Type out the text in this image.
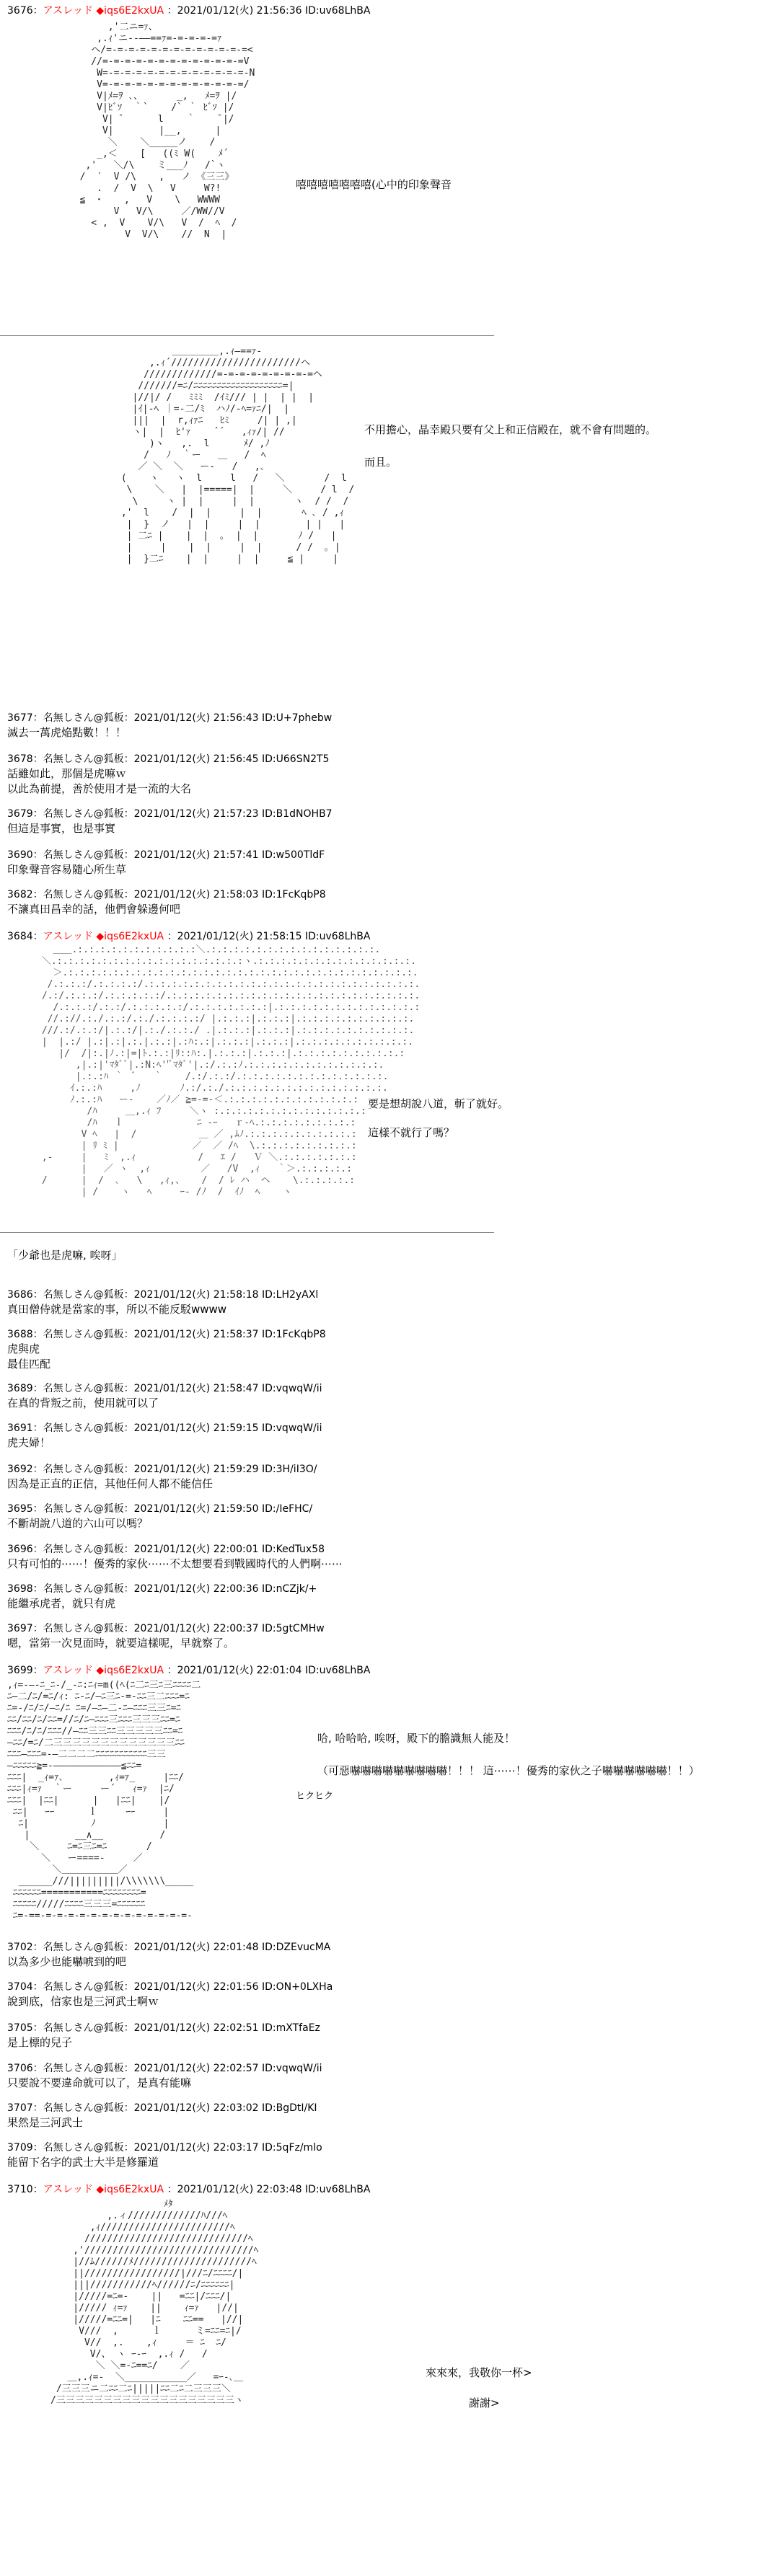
3676：アスレッド ◆iqs6E2kxUA ：2021/01/12(火) 21:56:36 ID:uv68LhBA
,'二ニ=ｧ、
,.ｨ'ニ--――==ｧ=-=-=-=-=ｧ
ヘ/=-=-=-=-=-=-=-=-=-=-=-=‐=<
//=-=-=-=-=-=-=-=-=-=-=-=-=V
W=-=-=-=-=-=-=-=-=-=-=-=-=-N
V=-=-=-=-=-=-=-=-=-=-=-=-=/
V|ﾒ=ｦ ､、      _,   ﾒ=ｦ |/
V|ﾋﾞｿ  ｀`    /` ｀ ﾋﾞｿ |/
V| ﾟ      l    ｀    ﾟ|/
V|        |__,      |
＼    ＼_____ノ    /
_,＜    [   ((ﾐ W(    ﾒ´
,'   ＼/\    ミ___ﾉ   /`ヽ
/  ′  V /\    ,   ノ 《三三》
.  /  V  \   V     W?!
≦  ･    ,   V    \   WWWW
V   V/\     ／/WW//V
< ,  V    V/\   V  /  ﾍ  /
V  V/\    //  N  |
嘻嘻嘻嘻嘻嘻嘻(心中的印象聲音
＿＿＿＿＿,.ｨ―==ｧ-
,.ｨ´///////////////////////ヘ
/////////////=-=-=-=-=-=-=-=-=ヘ
///////=ﾆ/ﾆﾆﾆﾆﾆﾆﾆﾆﾆﾆﾆﾆﾆﾆﾆﾆﾆﾆﾆ=|
|//|/ /   ﾐﾐﾐ  /ｲﾐ/// | |  | |  |
|ｲ|‐ﾍ ｜=‐二/ﾐ  ハﾉ/‐ﾍ=ｧﾆ/|  |
|||  |  r,ｨｧﾆ   ﾋﾐ     /| | ,|
ヽ|  |  ﾋ'ｧ    ´´   ,ｨｧ/| //
)ヽ   ,.  l      ﾒ/ ,ﾉ
/   ﾉ  ｀ー   ＿   /  ﾍ
／ ＼  ＼   ー‐   /   ,､
(    ヽ   ヽ  l     l   /   ＼       /  l
\    ＼   |  |=====|  |     ＼     / l  /
\     ヽ |  |     |  |       ヽ  / /  /
,'  l    /  |  |     |  |       ﾍ ､ / ,ｨ
|  }  ノ   |  |     |  |        | |   |
| 二ﾆ |    |  |  ｡  |  |       ﾉ /   |
|     |    |  |     |  |      / /  ｡ |
|  }二ﾆ    |  |     |  |     ≦ |     |
不用擔心，晶幸殿只要有父上和正信殿在，就不會有問題的。
而且。
3677：名無しさん@狐板：2021/01/12(火) 21:56:43 ID:U+7phebw
滅去一萬虎焔點數！！！
3678：名無しさん@狐板：2021/01/12(火) 21:56:45 ID:U66SN2T5
話雖如此，那個是虎嘛ｗ
以此為前提，善於使用才是一流的大名
3679：名無しさん@狐板：2021/01/12(火) 21:57:23 ID:B1dNOHB7
但這是事實，也是事實
3690：名無しさん@狐板：2021/01/12(火) 21:57:41 ID:w500TldF
印象聲音容易隨心所生草
3682：名無しさん@狐板：2021/01/12(火) 21:58:03 ID:1FcKqbP8
不讓真田昌幸的話，他們會躲邊何吧
3684：アスレッド ◆iqs6E2kxUA ：2021/01/12(火) 21:58:15 ID:uv68LhBA
＿＿.:.:.:.:.:.:.:.:.:.:.:＼.:.:.:.:.:.:.:.:.:.:.:.:.:.:.:.
＼.:.:.:.:.:.:.:.:.:.:.:.:.:.:.:.:.:ヽ.:.:.:.:.:.:.:.:.:.:.:.:.:.:.
＞.:.:.:.:.:.:.:.:.:.:.:.:.:.:.:.:.:.:.:.:.:.:.:.:.:.:.:.:.:.:.:.
/.:.:.:/.:.:.:.:/.:.:.:.:.:.:.:.:.:.:.:.:.:.:.:.:.:.:.:.:.:.:.:.:.
/.:/.:.:.:/.:.:.:.:.:/.:.:.:.:.:.:.:.:.:.:.:.:.:.:.:.:.:.:.:.:.:.:.
/.:.:.:/.:.:/.:.:.:.:.:/.:.:.:.:.:.:.:|.:.:.:.:.:.:.:.:.:.:.:.:.:
//.://.:./.:.:/.:./.:.:.:.:/ |.:.:.:|.:.:.:|.:.:.:.:.:.:.:.:.:.:.
///.:/.:.:/|.:.:/|.:./.:.:./ .|.:.:.:|.:.:.:|.:.:.:.:.:.:.:.:.:.:.
|  |.:/ |.:|.:|.:.|.:.:|.:ﾊ:.:|.:.:.:|.:.:.:|.:.:.:.:.:.:.:.:.:.:.
|/  /|:.|ﾉ.:|=|ﾄ.:.:|ﾘ::ﾊ:.|.:.:.:|.:.:.:|.:.:.:.:.:.:.:.:.:.:
,|.:|'ﾏﾀﾞﾞ|.:N:ﾍ''ﾞﾏﾀﾞ'|.:/.:.:ﾉ.:.:.:.:.:.:.:.:.:.:.:.:.
|.:.:ﾊ ｀  ﾞ   ｀    /.:/.:.:/.:.:.:.:.:.:.:.:.:.:.:.:.:.
ｲ.:.:ﾊ     ,ﾉ       ﾉ.:/.:./.:.:.:.:.:.:.:.:.:.:.:.:.:.:.
ﾉ.:.:ﾊ   ー‐    ／ﾉ／ ≧=-=-＜.:.:.:.:.:.:.:.:.:.:.:.:
/ﾊ     ＿,.ｨ ﾌ     ＼ヽ :.:.:.:.:.:.:.:.:.:.:.:.:.:
/ﾊ   ｌ             ﾆ ‐ｰ   ｒ‐ﾍ.:.:.:.:.:.:.:.:.:
V ﾍ   |  /           ＿ ／ ,ﾑﾉ.:.:.:.:.:.:.:.:.:.:
| ﾘ ﾐ |             ／  ／ /ﾍ  \.:.:.:.:.:.:.:.:.:
,-     |   ﾐ  ,.ｨ           /   ｴ /   Ｖ ＼.:.:.:.:.:.:.:
|   ／ ヽ  ,ｨ         ／   /V  ,ｨ   ｀＞.:.:.:.:.:
/      |  /  ､   \   ,ｨ,、   /  / ﾚ ハ  ヘ    \.:.:.:.:.:
| /    ヽ   ﾍ     ｰ- /ﾉ  /  ｲﾉ  ﾍ    ヽ
要是想胡說八道，斬了就好。
這樣不就行了嗎？
「少爺也是虎嘛, 唉呀」
3686：名無しさん@狐板：2021/01/12(火) 21:58:18 ID:LH2yAXl
真田僧侍就是當家的事，所以不能反駁wwww
3688：名無しさん@狐板：2021/01/12(火) 21:58:37 ID:1FcKqbP8
虎與虎
最佳匹配
3689：名無しさん@狐板：2021/01/12(火) 21:58:47 ID:vqwqW/ii
在真的背叛之前，使用就可以了
3691：名無しさん@狐板：2021/01/12(火) 21:59:15 ID:vqwqW/ii
虎夫婦！
3692：名無しさん@狐板：2021/01/12(火) 21:59:29 ID:3H/iI3O/
因為是正直的正信，其他任何人都不能信任
3695：名無しさん@狐板：2021/01/12(火) 21:59:50 ID:/IeFHC/
不斷胡說八道的六山可以嗎？
3696：名無しさん@狐板：2021/01/12(火) 22:00:01 ID:KedTux58
只有可怕的⋯⋯！優秀的家伙⋯⋯不太想要看到戰國時代的人們啊⋯⋯
3698：名無しさん@狐板：2021/01/12(火) 22:00:36 ID:nCZjk/+
能繼承虎者，就只有虎
3697：名無しさん@狐板：2021/01/12(火) 22:00:37 ID:5gtCMHw
嗯，當第一次見面時，就要這樣呢，早就察了。
3699：アスレッド ◆iqs6E2kxUA ：2021/01/12(火) 22:01:04 ID:uv68LhBA
,ｨ=-―‐ﾆ_ﾆ-/_-ﾆ:ﾆｨ=m((ﾍ(ﾆ二ﾆ三ﾆ三ﾆﾆﾆﾆ二
ﾆ―二/ﾆ/=ﾆ/ｨ: ﾆ-ﾆ/―ﾆ三ﾆ‐=-ﾆﾆ三二ﾆﾆﾆ=ﾆ
ﾆ=-/ﾆ/ﾆ/―ﾆ/ﾆ ﾆ=/―ﾆ―二-ﾆ―ﾆﾆﾆ三三ﾆ=ﾆ
ﾆﾆ/ﾆﾆ/ﾆ/ﾆﾆ=//ﾆ/ﾆ―ﾆﾆﾆ三ﾆﾆﾆ三三三ﾆﾆ=ﾆ
ﾆﾆﾆ/ﾆ/ﾆ/ﾆﾆﾆ//―ﾆﾆ三三ﾆﾆ三三三三三ﾆﾆ=ﾆ
―ﾆﾆ/=ﾆ/二三三三三三三三三三三三三三ﾆﾆ
ﾆﾆﾆ―ﾆﾆﾆ=-―二二二二ﾆﾆﾆﾆﾆﾆﾆﾆﾆﾆﾆ三三
―ﾆﾆﾆﾆﾆ≧=-――――――――――――≦ﾆﾆ=
ﾆﾆﾆ|  _ｨ=ｧ､        ,ｨ=ｧ_     |ﾆﾆ/
ﾆﾆﾆ|ｨ=ｧ  ｀ー     ー´   ｨ=ｧ  |ﾆ/
ﾆﾆﾆ|  |ﾆﾆ|      |   |ﾆﾆ|    |/
ﾆﾆ|   ｰｰ      ｌ     ｰｰ     |
ﾆ|           ﾉ            |
|        __∧__          /
＼     ﾆ=ﾆ三ﾆ=ﾆ       /
＼   ー====‐     ／
＼＿＿＿＿＿＿／
______///|||||||||/\\\\\\\_____
ﾆﾆﾆﾆﾆﾆ===========ﾆﾆﾆﾆﾆﾆﾆﾆ=
ﾆﾆﾆﾆﾆ/////ﾆﾆﾆﾆ三三三=ﾆﾆﾆﾆﾆﾆ
ﾆ=-==-=-=-=-=-=-=-=-=-=-=-=-=-=-
哈, 哈哈哈, 唉呀，殿下的膽識無人能及！
（可惡嚇嚇嚇嚇嚇嚇嚇嚇嚇！！！ 這⋯⋯！優秀的家伙之子嚇嚇嚇嚇嚇嚇！！）
ヒクヒク
3702：名無しさん@狐板：2021/01/12(火) 22:01:48 ID:DZEvucMA
以為多少也能嚇唬到的吧
3704：名無しさん@狐板：2021/01/12(火) 22:01:56 ID:ON+0LXHa
說到底，信家也是三河武士啊ｗ
3705：名無しさん@狐板：2021/01/12(火) 22:02:51 ID:mXTfaEz
是上標的兒子
3706：名無しさん@狐板：2021/01/12(火) 22:02:57 ID:vqwqW/ii
只要說不要違命就可以了，是真有能嘛
3707：名無しさん@狐板：2021/01/12(火) 22:03:02 ID:BgDtI/KI
果然是三河武士
3709：名無しさん@狐板：2021/01/12(火) 22:03:17 ID:5qFz/mlo
能留下名字的武士大半是修羅道
3710：アスレッド ◆iqs6E2kxUA ：2021/01/12(火) 22:03:48 ID:uv68LhBA
ﾒﾀ
,.ィ/////////////ﾊ///ﾍ
,ｨ///////////////////////ﾍ
/////////////////////////////ﾍ
,'//////////////////////////////ﾍ
|//ﾑ//////ﾒ/////////////////////ﾍ
||/////////////////|///ﾆ/ﾆﾆﾆﾆ/|
|||///////////ﾍ//////ﾆ/ﾆﾆﾆﾆﾆﾆ|
|/////=ﾆ=-    ||   =ﾆﾆ|/ﾆﾆﾆ/|
|///// ｨ=ｧ    ||    ｨ=ｧ   |//|
|/////=ﾆﾆ=|   |ﾆ    ﾆﾆ==   |//|
V///  ,      ｌ      ミ=ﾆﾆ=ﾆ|/
V//  ,.    ,ｨ     ＝ ﾆ  ﾆ/
V/、 ヽ ｰ-ｰ  ,.ｨ /   /
＼ ＼=‐ﾆ==ﾆ/    ／
＿,.ｨ=-  ＼___________／   =ｰ-､＿
/三三三ニ二ﾆﾆ二ﾆ|||||ﾆﾆ二ﾆ二三三三＼
/三三三三三三三三三三三三三三三三三三三ヽ
來來來，我敬你一杯>
謝謝>
